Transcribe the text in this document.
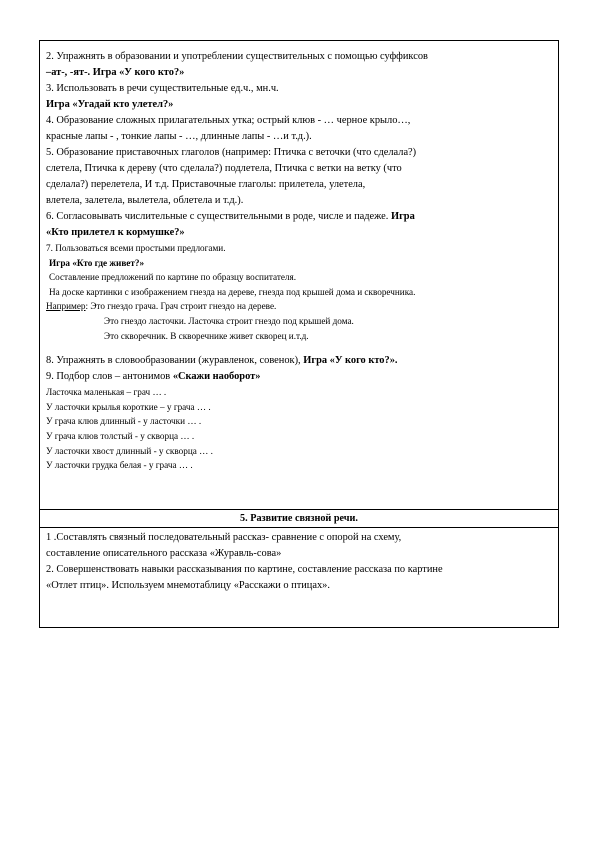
2. Упражнять в образовании и употреблении существительных с помощью суффиксов
–ат-, -ят-. Игра «У кого кто?»
3. Использовать в речи существительные ед.ч., мн.ч.
Игра «Угадай кто улетел?»
4. Образование сложных прилагательных утка; острый клюв - … черное крыло…,
красные лапы - , тонкие лапы - …, длинные лапы - …и т.д.).
5. Образование приставочных глаголов (например: Птичка с веточки (что сделала?)
слетела, Птичка к дереву (что сделала?) подлетела, Птичка с ветки на ветку (что
сделала?) перелетела, И т.д. Приставочные глаголы: прилетела, улетела,
влетела, залетела, вылетела, облетела и т.д.).
6. Согласовывать числительные с существительными в роде, числе и падеже. Игра
«Кто прилетел к кормушке?»
7. Пользоваться всеми простыми предлогами.
Игра «Кто где живет?»
Составление предложений по картине по образцу воспитателя.
На доске картинки с изображением гнезда на дереве, гнезда под крышей дома и скворечника.
Например: Это гнездо грача. Грач строит гнездо на дереве.
Это гнездо ласточки. Ласточка строит гнездо под крышей дома.
Это скворечник. В скворечнике живет скворец и.т.д.
8. Упражнять в словообразовании (журавленок, совенок), Игра «У кого кто?».
9. Подбор слов – антонимов «Скажи наоборот»
Ласточка маленькая – грач … .
У ласточки крылья короткие – у грача … .
У грача клюв длинный - у ласточки … .
У грача клюв толстый - у скворца … .
У ласточки хвост длинный - у скворца … .
У ласточки грудка белая - у грача … .
5. Развитие связной речи.
1 .Составлять связный последовательный рассказ- сравнение с опорой на схему,
составление описательного рассказа «Журавль-сова»
2. Совершенствовать навыки рассказывания по картине, составление рассказа по картине
«Отлет птиц». Используем мнемотаблицу «Расскажи о птицах».
